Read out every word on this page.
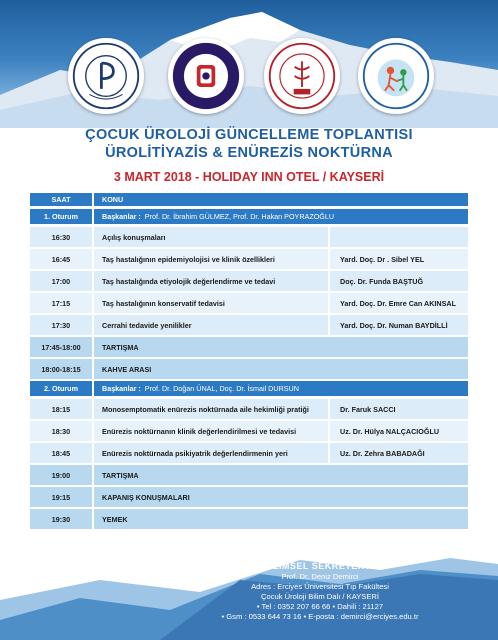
ÇOCUK ÜROLOJİ GÜNCELLEME TOPLANTISI
ÜROLİTİYAZİS & ENÜREZİS NOKTÜRNA
3 MART 2018 - HOLIDAY INN OTEL / KAYSERİ
SAAT	KONU
1. Oturum	Başkanlar : Prof. Dr. İbrahim GÜLMEZ, Prof. Dr. Hakan POYRAZOĞLU
16:30	Açılış konuşmaları
16:45	Taş hastalığının epidemiyolojisi ve klinik özellikleri	Yard. Doç. Dr . Sibel YEL
17:00	Taş hastalığında etiyolojik değerlendirme ve tedavi	Doç. Dr. Funda BAŞTUĞ
17:15	Taş hastalığının konservatif tedavisi	Yard. Doç. Dr. Emre Can AKINSAL
17:30	Cerrahi tedavide yenilikler	Yard. Doç. Dr. Numan BAYDİLLİ
17:45-18:00	TARTIŞMA
18:00-18:15	KAHVE ARASI
2. Oturum	Başkanlar : Prof. Dr. Doğan ÜNAL, Doç. Dr. İsmail DURSUN
18:15	Monosemptomatik enürezis noktürnada aile hekimliği pratiği	Dr. Faruk SACCI
18:30	Enürezis noktürnanın klinik değerlendirilmesi ve tedavisi	Uz. Dr. Hülya NALÇACIOĞLU
18:45	Enürezis noktürnada psikiyatrik değerlendirmenin yeri	Uz. Dr. Zehra BABADAĞI
19:00	TARTIŞMA
19:15	KAPANIŞ KONUŞMALARI
19:30	YEMEK
BİLİMSEL SEKRETERYA
Prof. Dr. Deniz Demirci
Adres : Erciyes Üniversitesi Tıp Fakültesi
Çocuk Üroloji Bilim Dalı / KAYSERİ
• Tel : 0352 207 66 66 • Dahili : 21127
• Gsm : 0533 644 73 16 • E-posta : demirci@erciyes.edu.tr
